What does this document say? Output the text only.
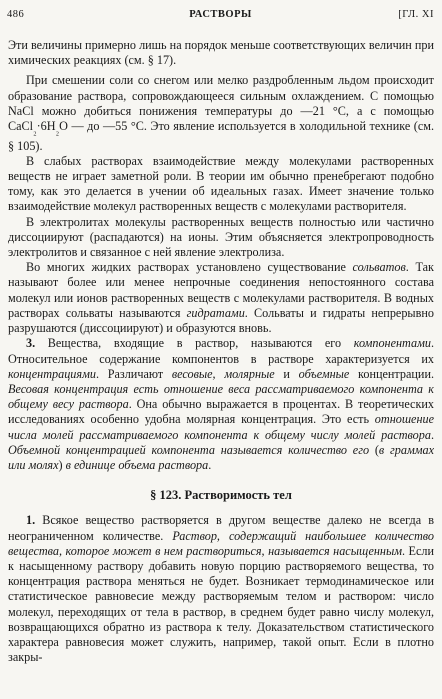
486	РАСТВОРЫ	[ГЛ. XI

Эти величины примерно лишь на порядок меньше соответствующих величин при химических реакциях (см. § 17).

При смешении соли со снегом или мелко раздробленным льдом происходит образование раствора, сопровождающееся сильным охлаждением. С помощью NaCl можно добиться понижения температуры до —21 °С, а с помощью $CaCl_{_2}\cdot 6H_{_2}O$ — до —55 °С. Это явление используется в холодильной технике (см. § 105).

В слабых растворах взаимодействие между молекулами растворенных веществ не играет заметной роли. В теории им обычно пренебрегают подобно тому, как это делается в учении об идеальных газах. Имеет значение только взаимодействие молекул растворенных веществ с молекулами растворителя.

В электролитах молекулы растворенных веществ полностью или частично диссоциируют (распадаются) на ионы. Этим объясняется электропроводность электролитов и связанное с ней явление электролиза.

Во многих жидких растворах установлено существование сольватов. Так называют более или менее непрочные соединения непостоянного состава молекул или ионов растворенных веществ с молекулами растворителя. В водных растворах сольваты называются гидратами. Сольваты и гидраты непрерывно разрушаются (диссоциируют) и образуются вновь.

3. Вещества, входящие в раствор, называются его компонентами. Относительное содержание компонентов в растворе характеризуется их концентрациями. Различают весовые, молярные и объемные концентрации. Весовая концентрация есть отношение веса рассматриваемого компонента к общему весу раствора. Она обычно выражается в процентах. В теоретических исследованиях особенно удобна молярная концентрация. Это есть отношение числа молей рассматриваемого компонента к общему числу молей раствора. Объемной концентрацией компонента называется количество его (в граммах или молях) в единице объема раствора.

§ 123. Растворимость тел

1. Всякое вещество растворяется в другом веществе далеко не всегда в неограниченном количестве. Раствор, содержащий наибольшее количество вещества, которое может в нем раствориться, называется насыщенным. Если к насыщенному раствору добавить новую порцию растворяемого вещества, то концентрация раствора меняться не будет. Возникает термодинамическое или статистическое равновесие между растворяемым телом и раствором: число молекул, переходящих от тела в раствор, в среднем будет равно числу молекул, возвращающихся обратно из раствора к телу. Доказательством статистического характера равновесия может служить, например, такой опыт. Если в плотно закры-
